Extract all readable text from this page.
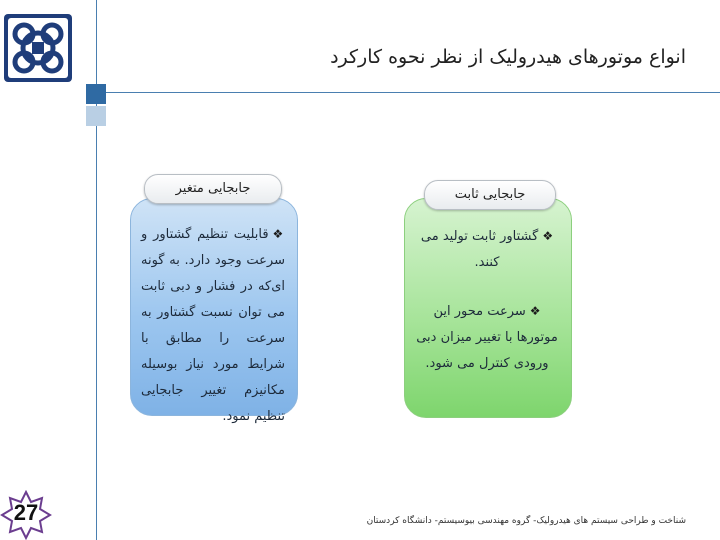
انواع موتورهای هیدرولیک از نظر نحوه کارکرد

❖قابلیت تنظیم گشتاور و سرعت وجود دارد. به گونه ای‌که در فشار و دبی ثابت می توان نسبت گشتاور به سرعت را مطابق با شرایط مورد نیاز بوسیله مکانیزم تغییر جابجایی تنظیم نمود.

جابجایی متغیر

❖گشتاور ثابت تولید می کنند.

❖سرعت محور این موتورها با تغییر میزان دبی ورودی کنترل می شود.

جابجایی ثابت
27	شناخت و طراحی سیستم های هیدرولیک- گروه مهندسی بیوسیستم- دانشگاه کردستان
